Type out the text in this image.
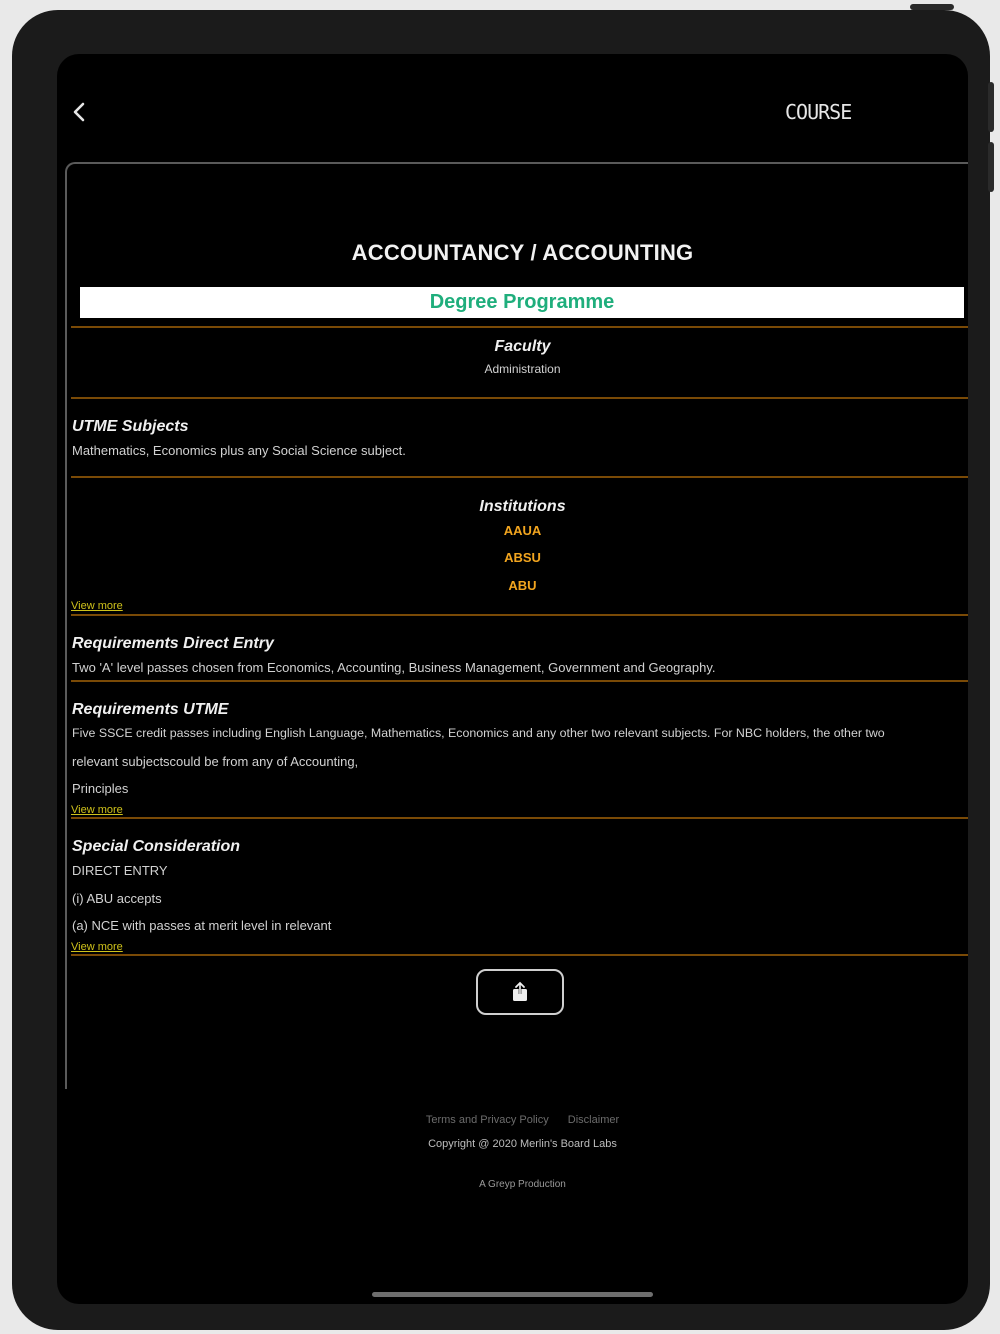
COURSE
ACCOUNTANCY / ACCOUNTING
Degree Programme
Faculty
Administration
UTME Subjects
Mathematics, Economics plus any Social Science subject.
Institutions
AAUA
ABSU
ABU
View more
Requirements Direct Entry
Two 'A' level passes chosen from Economics, Accounting, Business Management, Government and Geography.
Requirements UTME
Five SSCE credit passes including English Language, Mathematics, Economics and any other two relevant subjects. For NBC holders, the other two
relevant subjectscould be from any of Accounting,
Principles
View more
Special Consideration
DIRECT ENTRY
(i) ABU accepts
(a) NCE with passes at merit level in relevant
View more
Terms and Privacy Policy Disclaimer
Copyright @ 2020 Merlin's Board Labs
A Greyp Production
